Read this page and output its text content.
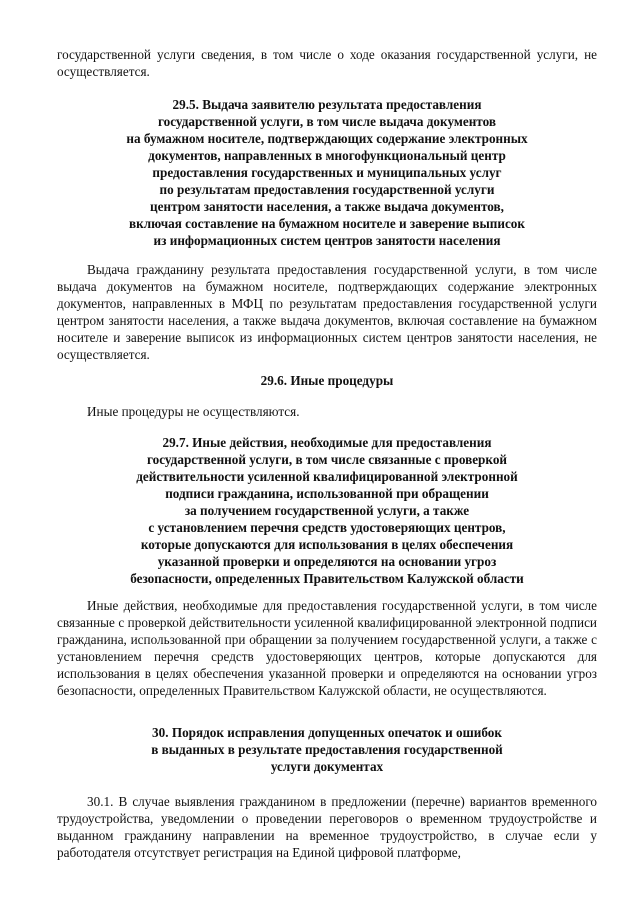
государственной услуги сведения, в том числе о ходе оказания государственной услуги, не осуществляется.

29.5. Выдача заявителю результата предоставления
государственной услуги, в том числе выдача документов
на бумажном носителе, подтверждающих содержание электронных
документов, направленных в многофункциональный центр
предоставления государственных и муниципальных услуг
по результатам предоставления государственной услуги
центром занятости населения, а также выдача документов,
включая составление на бумажном носителе и заверение выписок
из информационных систем центров занятости населения

Выдача гражданину результата предоставления государственной услуги, в том числе выдача документов на бумажном носителе, подтверждающих содержание электронных документов, направленных в МФЦ по результатам предоставления государственной услуги центром занятости населения, а также выдача документов, включая составление на бумажном носителе и заверение выписок из информационных систем центров занятости населения, не осуществляется.

29.6. Иные процедуры

Иные процедуры не осуществляются.

29.7. Иные действия, необходимые для предоставления
государственной услуги, в том числе связанные с проверкой
действительности усиленной квалифицированной электронной
подписи гражданина, использованной при обращении
за получением государственной услуги, а также
с установлением перечня средств удостоверяющих центров,
которые допускаются для использования в целях обеспечения
указанной проверки и определяются на основании угроз
безопасности, определенных Правительством Калужской области

Иные действия, необходимые для предоставления государственной услуги, в том числе связанные с проверкой действительности усиленной квалифицированной электронной подписи гражданина, использованной при обращении за получением государственной услуги, а также с установлением перечня средств удостоверяющих центров, которые допускаются для использования в целях обеспечения указанной проверки и определяются на основании угроз безопасности, определенных Правительством Калужской области, не осуществляются.

30. Порядок исправления допущенных опечаток и ошибок
в выданных в результате предоставления государственной
услуги документах

30.1. В случае выявления гражданином в предложении (перечне) вариантов временного трудоустройства, уведомлении о проведении переговоров о временном трудоустройстве и выданном гражданину направлении на временное трудоустройство, в случае если у работодателя отсутствует регистрация на Единой цифровой платформе,
